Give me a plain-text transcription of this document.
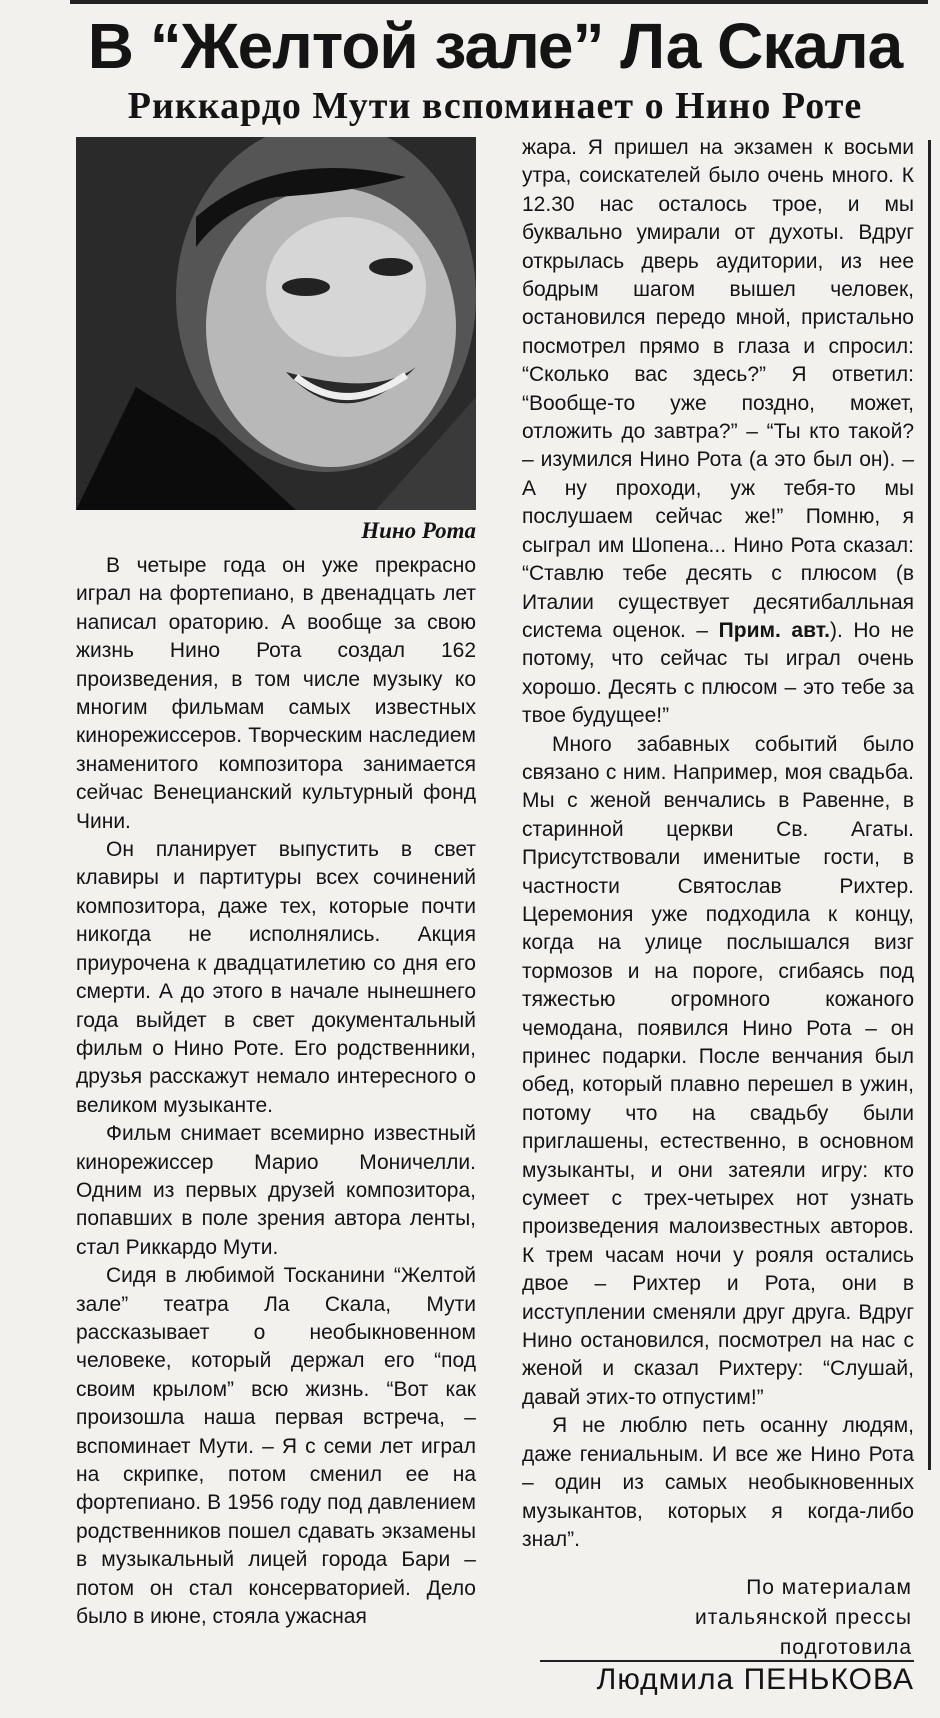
В “Желтой зале” Ла Скала
Риккардо Мути вспоминает о Нино Роте
Нино Рота

В четыре года он уже прекрасно играл на фортепиано, в двенадцать лет написал ораторию. А вообще за свою жизнь Нино Рота создал 162 произведения, в том числе музыку ко многим фильмам самых известных кинорежиссеров. Творческим наследием знаменитого композитора занимается сейчас Венецианский культурный фонд Чини.

Он планирует выпустить в свет клавиры и партитуры всех сочинений композитора, даже тех, которые почти никогда не исполнялись. Акция приурочена к двадцатилетию со дня его смерти. А до этого в начале нынешнего года выйдет в свет документальный фильм о Нино Роте. Его родственники, друзья расскажут немало интересного о великом музыканте.

Фильм снимает всемирно известный кинорежиссер Марио Моничелли. Одним из первых друзей композитора, попавших в поле зрения автора ленты, стал Риккардо Мути.

Сидя в любимой Тосканини “Желтой зале” театра Ла Скала, Мути рассказывает о необыкновенном человеке, который держал его “под своим крылом” всю жизнь. “Вот как произошла наша первая встреча, – вспоминает Мути. – Я с семи лет играл на скрипке, потом сменил ее на фортепиано. В 1956 году под давлением родственников пошел сдавать экзамены в музыкальный лицей города Бари – потом он стал консерваторией. Дело было в июне, стояла ужасная

жара. Я пришел на экзамен к восьми утра, соискателей было очень много. К 12.30 нас осталось трое, и мы буквально умирали от духоты. Вдруг открылась дверь аудитории, из нее бодрым шагом вышел человек, остановился передо мной, пристально посмотрел прямо в глаза и спросил: “Сколько вас здесь?” Я ответил: “Вообще-то уже поздно, может, отложить до завтра?” – “Ты кто такой? – изумился Нино Рота (а это был он). – А ну проходи, уж тебя-то мы послушаем сейчас же!” Помню, я сыграл им Шопена... Нино Рота сказал: “Ставлю тебе десять с плюсом (в Италии существует десятибалльная система оценок. – Прим. авт.). Но не потому, что сейчас ты играл очень хорошо. Десять с плюсом – это тебе за твое будущее!”

Много забавных событий было связано с ним. Например, моя свадьба. Мы с женой венчались в Равенне, в старинной церкви Св. Агаты. Присутствовали именитые гости, в частности Святослав Рихтер. Церемония уже подходила к концу, когда на улице послышался визг тормозов и на пороге, сгибаясь под тяжестью огромного кожаного чемодана, появился Нино Рота – он принес подарки. После венчания был обед, который плавно перешел в ужин, потому что на свадьбу были приглашены, естественно, в основном музыканты, и они затеяли игру: кто сумеет с трех-четырех нот узнать произведения малоизвестных авторов. К трем часам ночи у рояля остались двое – Рихтер и Рота, они в исступлении сменяли друг друга. Вдруг Нино остановился, посмотрел на нас с женой и сказал Рихтеру: “Слушай, давай этих-то отпустим!”

Я не люблю петь осанну людям, даже гениальным. И все же Нино Рота – один из самых необыкновенных музыкантов, которых я когда-либо знал”.

По материалам
итальянской прессы
подготовила
Людмила ПЕНЬКОВА
